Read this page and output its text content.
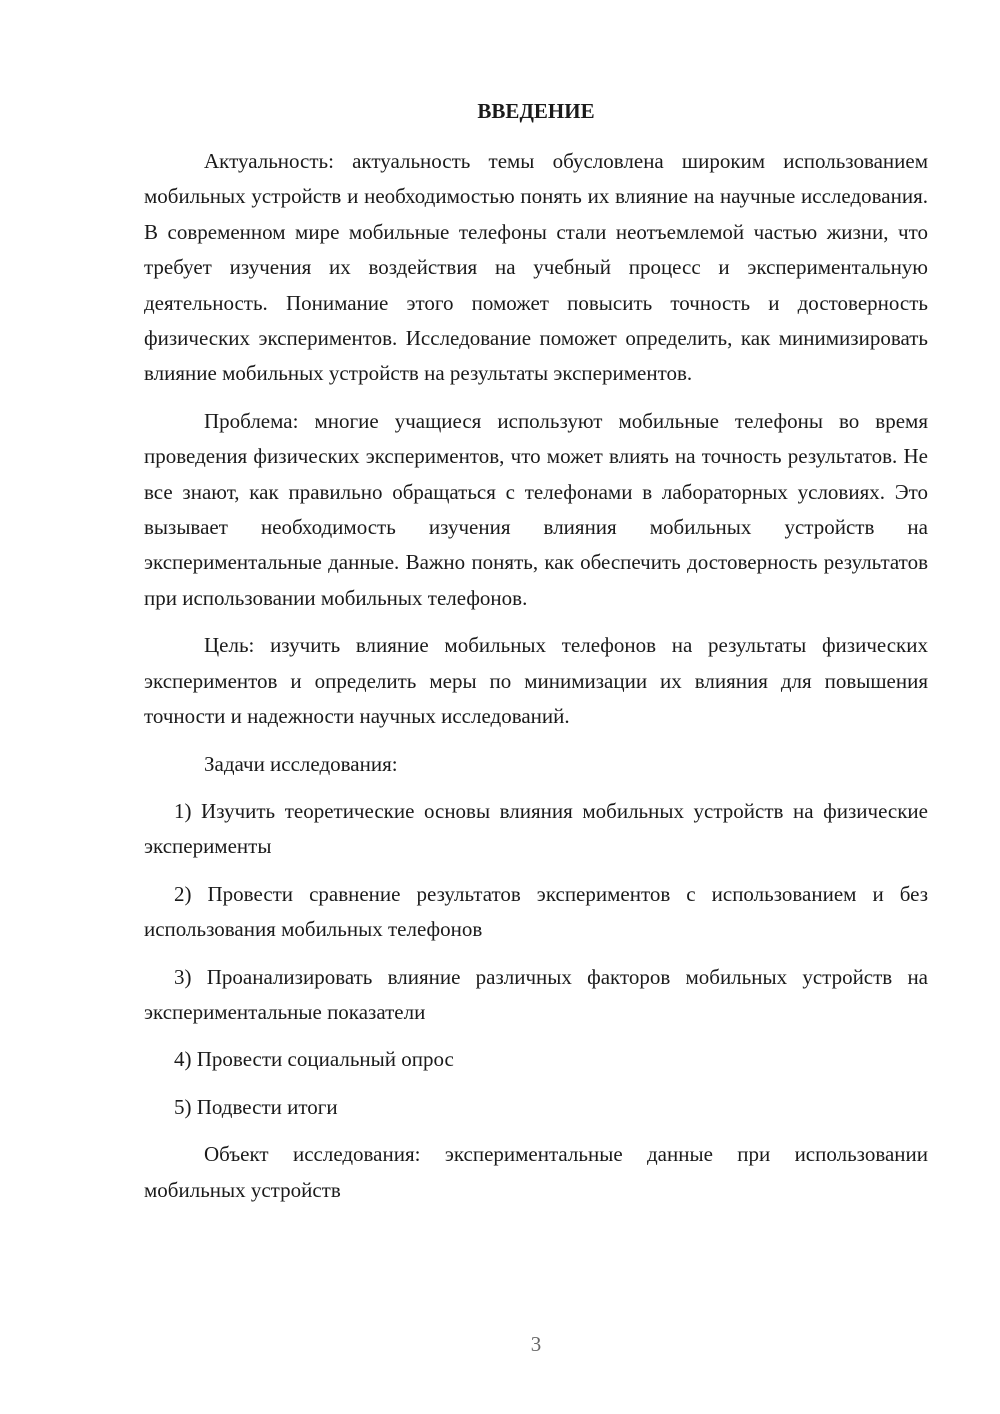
ВВЕДЕНИЕ

Актуальность: актуальность темы обусловлена широким использованием мобильных устройств и необходимостью понять их влияние на научные исследования. В современном мире мобильные телефоны стали неотъемлемой частью жизни, что требует изучения их воздействия на учебный процесс и экспериментальную деятельность. Понимание этого поможет повысить точность и достоверность физических экспериментов. Исследование поможет определить, как минимизировать влияние мобильных устройств на результаты экспериментов.

Проблема: многие учащиеся используют мобильные телефоны во время проведения физических экспериментов, что может влиять на точность результатов. Не все знают, как правильно обращаться с телефонами в лабораторных условиях. Это вызывает необходимость изучения влияния мобильных устройств на экспериментальные данные. Важно понять, как обеспечить достоверность результатов при использовании мобильных телефонов.

Цель: изучить влияние мобильных телефонов на результаты физических экспериментов и определить меры по минимизации их влияния для повышения точности и надежности научных исследований.

Задачи исследования:

1) Изучить теоретические основы влияния мобильных устройств на физические эксперименты

2) Провести сравнение результатов экспериментов с использованием и без использования мобильных телефонов

3) Проанализировать влияние различных факторов мобильных устройств на экспериментальные показатели

4) Провести социальный опрос

5) Подвести итоги

Объект исследования: экспериментальные данные при использовании мобильных устройств

3
